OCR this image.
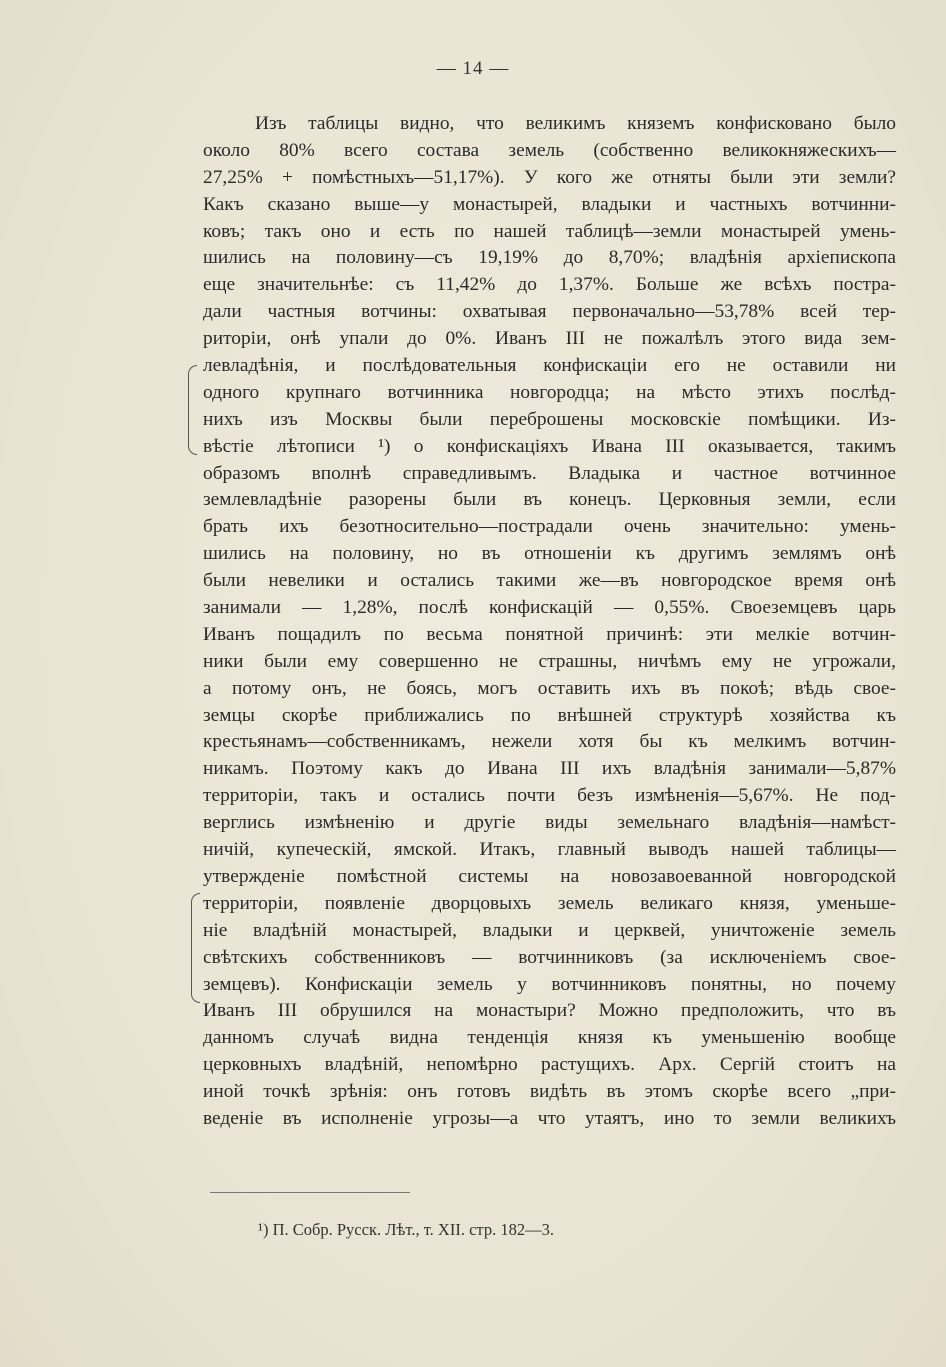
— 14 —
Изъ таблицы видно, что великимъ княземъ конфисковано было
около 80% всего состава земель (собственно великокняжескихъ—
27,25% + помѣстныхъ—51,17%). У кого же отняты были эти земли?
Какъ сказано выше—у монастырей, владыки и частныхъ вотчинни-
ковъ; такъ оно и есть по нашей таблицѣ—земли монастырей умень-
шились на половину—съ 19,19% до 8,70%; владѣнія архіепископа
еще значительнѣе: съ 11,42% до 1,37%. Больше же всѣхъ постра-
дали частныя вотчины: охватывая первоначально—53,78% всей тер-
риторіи, онѣ упали до 0%. Иванъ III не пожалѣлъ этого вида зем-
левладѣнія, и послѣдовательныя конфискаціи его не оставили ни
одного крупнаго вотчинника новгородца; на мѣсто этихъ послѣд-
нихъ изъ Москвы были переброшены московскіе помѣщики. Из-
вѣстіе лѣтописи ¹) о конфискаціяхъ Ивана III оказывается, такимъ
образомъ вполнѣ справедливымъ. Владыка и частное вотчинное
землевладѣніе разорены были въ конецъ. Церковныя земли, если
брать ихъ безотносительно—пострадали очень значительно: умень-
шились на половину, но въ отношеніи къ другимъ землямъ онѣ
были невелики и остались такими же—въ новгородское время онѣ
занимали — 1,28%, послѣ конфискацій — 0,55%. Своеземцевъ царь
Иванъ пощадилъ по весьма понятной причинѣ: эти мелкіе вотчин-
ники были ему совершенно не страшны, ничѣмъ ему не угрожали,
а потому онъ, не боясь, могъ оставить ихъ въ покоѣ; вѣдь свое-
земцы скорѣе приближались по внѣшней структурѣ хозяйства къ
крестьянамъ—собственникамъ, нежели хотя бы къ мелкимъ вотчин-
никамъ. Поэтому какъ до Ивана III ихъ владѣнія занимали—5,87%
территоріи, такъ и остались почти безъ измѣненія—5,67%. Не под-
верглись измѣненію и другіе виды земельнаго владѣнія—намѣст-
ничій, купеческій, ямской. Итакъ, главный выводъ нашей таблицы—
утвержденіе помѣстной системы на новозавоеванной новгородской
территоріи, появленіе дворцовыхъ земель великаго князя, уменьше-
ніе владѣній монастырей, владыки и церквей, уничтоженіе земель
свѣтскихъ собственниковъ — вотчинниковъ (за исключеніемъ свое-
земцевъ). Конфискаціи земель у вотчинниковъ понятны, но почему
Иванъ III обрушился на монастыри? Можно предположить, что въ
данномъ случаѣ видна тенденція князя къ уменьшенію вообще
церковныхъ владѣній, непомѣрно растущихъ. Арх. Сергій стоитъ на
иной точкѣ зрѣнія: онъ готовъ видѣть въ этомъ скорѣе всего „при-
веденіе въ исполненіе угрозы—а что утаятъ, ино то земли великихъ
¹) П. Собр. Русск. Лѣт., т. XII. стр. 182—3.
